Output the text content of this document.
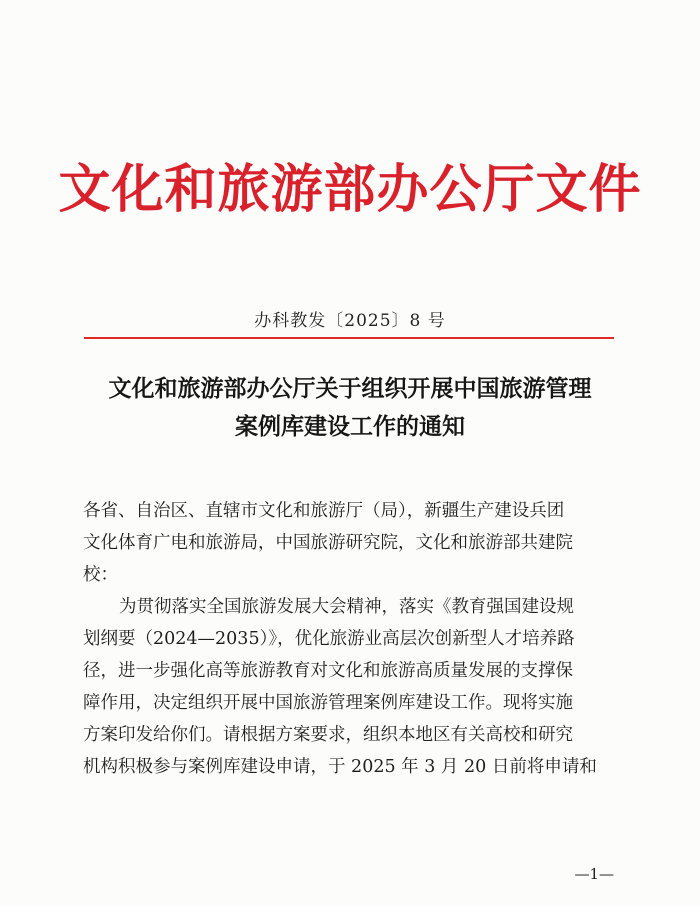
文化和旅游部办公厅文件
办科教发〔2025〕8 号
文化和旅游部办公厅关于组织开展中国旅游管理
案例库建设工作的通知
各省、自治区、直辖市文化和旅游厅（局），新疆生产建设兵团
文化体育广电和旅游局，中国旅游研究院，文化和旅游部共建院
校：
为贯彻落实全国旅游发展大会精神，落实《教育强国建设规
划纲要（2024—2035）》，优化旅游业高层次创新型人才培养路
径，进一步强化高等旅游教育对文化和旅游高质量发展的支撑保
障作用，决定组织开展中国旅游管理案例库建设工作。现将实施
方案印发给你们。请根据方案要求，组织本地区有关高校和研究
机构积极参与案例库建设申请，于 2025 年 3 月 20 日前将申请和
—1—
